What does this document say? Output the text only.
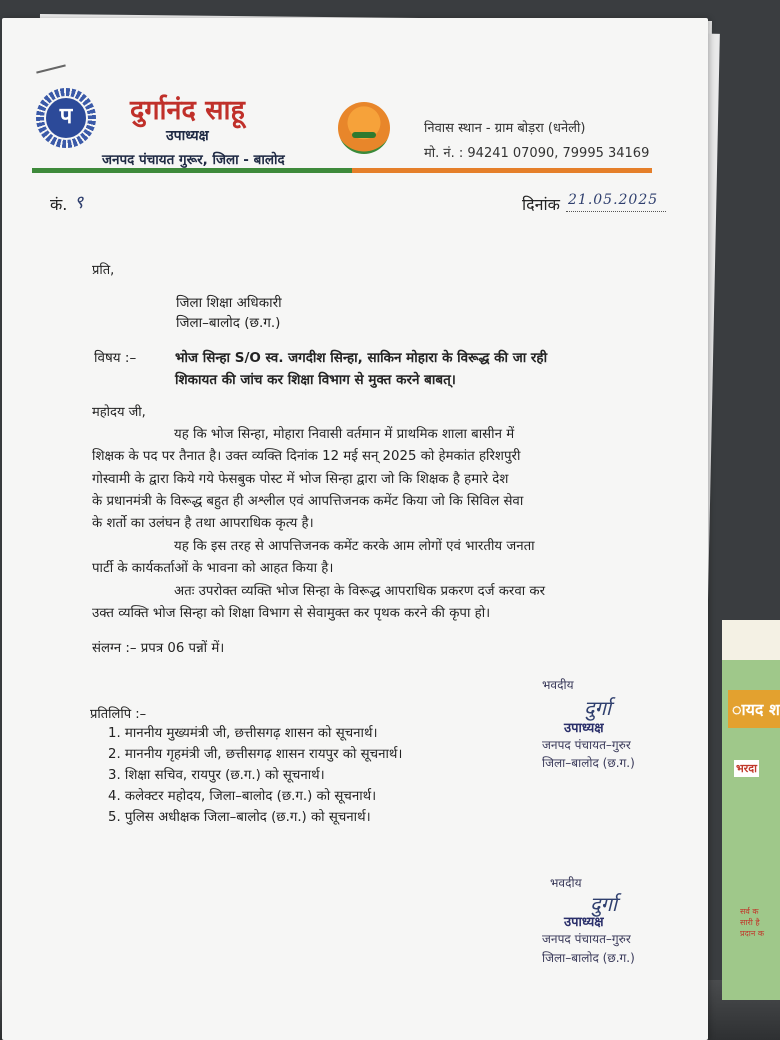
ायद श
भरदा
सर्व क
सारी है
प्रदान क
प	दुर्गानंद साहू
उपाध्यक्ष
जनपद पंचायत गुरूर, जिला - बालोद
निवास स्थान - ग्राम बोड़रा (धनेली)
मो. नं. : 94241 07090, 79995 34169
कं. ९	दिनांक 21.05.2025
प्रति,
जिला शिक्षा अधिकारी
जिला–बालोद (छ.ग.)
विषय :–	भोज सिन्हा S/O स्व. जगदीश सिन्हा, साकिन मोहारा के विरूद्ध की जा रही
शिकायत की जांच कर शिक्षा विभाग से मुक्त करने बाबत्।
महोदय जी,
यह कि भोज सिन्हा, मोहारा निवासी वर्तमान में प्राथमिक शाला बासीन में
शिक्षक के पद पर तैनात है। उक्त व्यक्ति दिनांक 12 मई सन् 2025 को हेमकांत हरिशपुरी
गोस्वामी के द्वारा किये गये फेसबुक पोस्ट में भोज सिन्हा द्वारा जो कि शिक्षक है हमारे देश
के प्रधानमंत्री के विरूद्ध बहुत ही अश्लील एवं आपत्तिजनक कमेंट किया जो कि सिविल सेवा
के शर्तो का उलंघन है तथा आपराधिक कृत्य है।
यह कि इस तरह से आपत्तिजनक कमेंट करके आम लोगों एवं भारतीय जनता
पार्टी के कार्यकर्ताओं के भावना को आहत किया है।
अतः उपरोक्त व्यक्ति भोज सिन्हा के विरूद्ध आपराधिक प्रकरण दर्ज करवा कर
उक्त व्यक्ति भोज सिन्हा को शिक्षा विभाग से सेवामुक्त कर पृथक करने की कृपा हो।
संलग्न :– प्रपत्र 06 पन्नों में।
भवदीय
दुर्गा
उपाध्यक्ष
जनपद पंचायत–गुरुर
जिला–बालोद (छ.ग.)
प्रतिलिपि :–
1. माननीय मुख्यमंत्री जी, छत्तीसगढ़ शासन को सूचनार्थ।
2. माननीय गृहमंत्री जी, छत्तीसगढ़ शासन रायपुर को सूचनार्थ।
3. शिक्षा सचिव, रायपुर (छ.ग.) को सूचनार्थ।
4. कलेक्टर महोदय, जिला–बालोद (छ.ग.) को सूचनार्थ।
5. पुलिस अधीक्षक जिला–बालोद (छ.ग.) को सूचनार्थ।
भवदीय
दुर्गा
उपाध्यक्ष
जनपद पंचायत–गुरुर
जिला–बालोद (छ.ग.)
